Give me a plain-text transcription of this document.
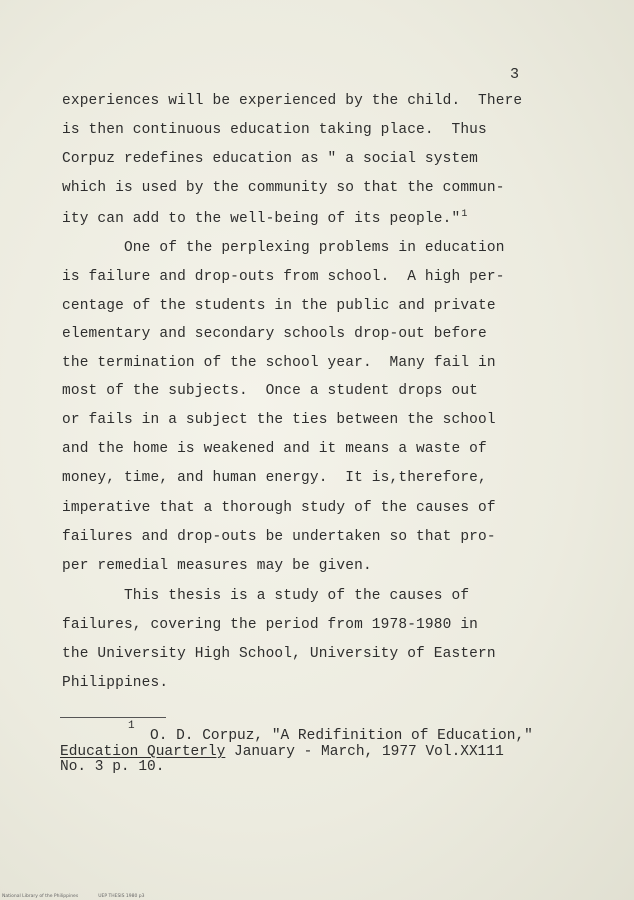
3
experiences will be experienced by the child.  There
is then continuous education taking place.  Thus
Corpuz redefines education as " a social system
which is used by the community so that the commun-
ity can add to the well-being of its people."$^1$
One of the perplexing problems in education
is failure and drop-outs from school.  A high per-
centage of the students in the public and private
elementary and secondary schools drop-out before
the termination of the school year.  Many fail in
most of the subjects.  Once a student drops out
or fails in a subject the ties between the school
and the home is weakened and it means a waste of
money, time, and human energy.  It is,therefore,
imperative that a thorough study of the causes of
failures and drop-outs be undertaken so that pro-
per remedial measures may be given.
This thesis is a study of the causes of
failures, covering the period from 1978-1980 in
the University High School, University of Eastern
Philippines.
1
O. D. Corpuz, "A Redifinition of Education,"
Education Quarterly January - March, 1977 Vol.XX111
No. 3 p. 10.
National Library of the Philippines	UEP THESIS 1980 p3
